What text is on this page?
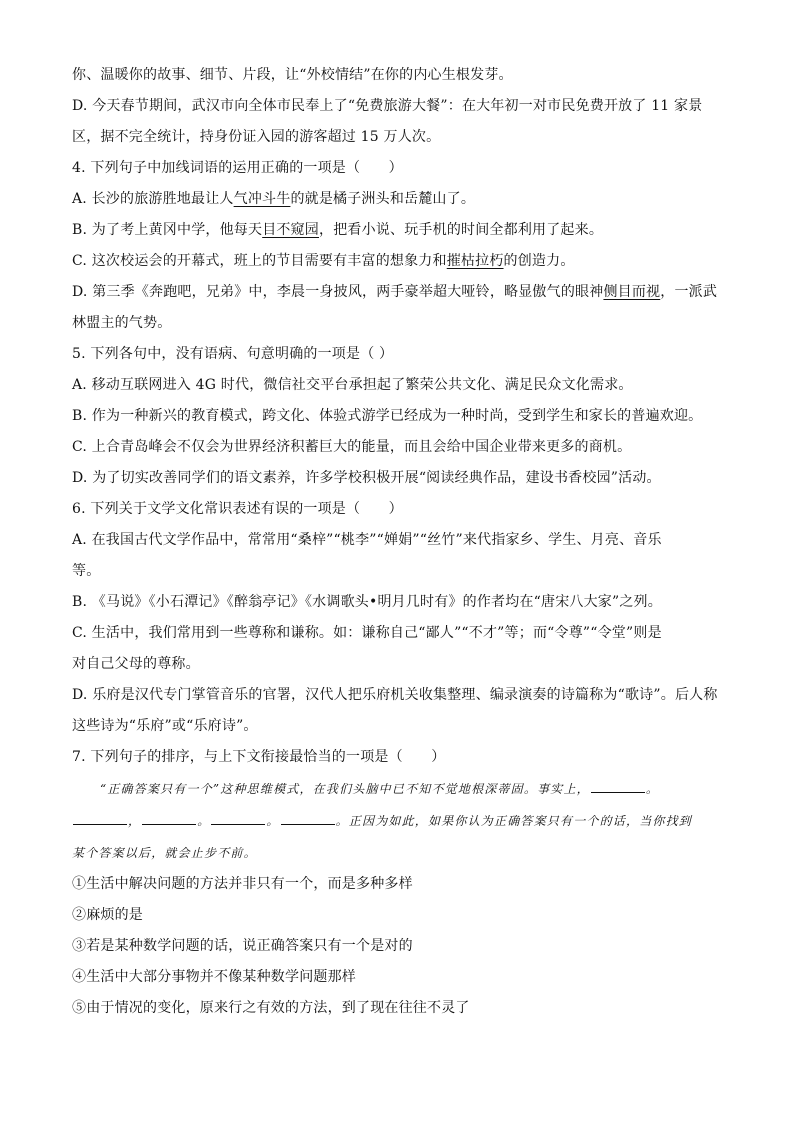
你、温暖你的故事、细节、片段，让“外校情结”在你的内心生根发芽。
D. 今天春节期间，武汉市向全体市民奉上了“免费旅游大餐”：在大年初一对市民免费开放了 11 家景
区，据不完全统计，持身份证入园的游客超过 15 万人次。
4. 下列句子中加线词语的运用正确的一项是（　　）
A. 长沙的旅游胜地最让人气冲斗牛的就是橘子洲头和岳麓山了。
B. 为了考上黄冈中学，他每天目不窥园，把看小说、玩手机的时间全都利用了起来。
C. 这次校运会的开幕式，班上的节目需要有丰富的想象力和摧枯拉朽的创造力。
D. 第三季《奔跑吧，兄弟》中，李晨一身披风，两手豪举超大哑铃，略显傲气的眼神侧目而视，一派武
林盟主的气势。
5. 下列各句中，没有语病、句意明确的一项是（ ）
A. 移动互联网进入 4G 时代，微信社交平台承担起了繁荣公共文化、满足民众文化需求。
B. 作为一种新兴的教育模式，跨文化、体验式游学已经成为一种时尚，受到学生和家长的普遍欢迎。
C. 上合青岛峰会不仅会为世界经济积蓄巨大的能量，而且会给中国企业带来更多的商机。
D. 为了切实改善同学们的语文素养，许多学校积极开展“阅读经典作品，建设书香校园”活动。
6. 下列关于文学文化常识表述有误的一项是（　　）
A. 在我国古代文学作品中，常常用“桑梓”“桃李”“婵娟”“丝竹”来代指家乡、学生、月亮、音乐
等。
B. 《马说》《小石潭记》《醉翁亭记》《水调歌头•明月几时有》的作者均在“唐宋八大家”之列。
C. 生活中，我们常用到一些尊称和谦称。如：谦称自己“鄙人”“不才”等；而“令尊”“令堂”则是
对自己父母的尊称。
D. 乐府是汉代专门掌管音乐的官署，汉代人把乐府机关收集整理、编录演奏的诗篇称为“歌诗”。后人称
这些诗为“乐府”或“乐府诗”。
7. 下列句子的排序，与上下文衔接最恰当的一项是（　　）
“正确答案只有一个”这种思维模式，在我们头脑中已不知不觉地根深蒂固。事实上，	。
，	。	。	。正因为如此，如果你认为正确答案只有一个的话，当你找到
某个答案以后，就会止步不前。
①生活中解决问题的方法并非只有一个，而是多种多样
②麻烦的是
③若是某种数学问题的话，说正确答案只有一个是对的
④生活中大部分事物并不像某种数学问题那样
⑤由于情况的变化，原来行之有效的方法，到了现在往往不灵了
